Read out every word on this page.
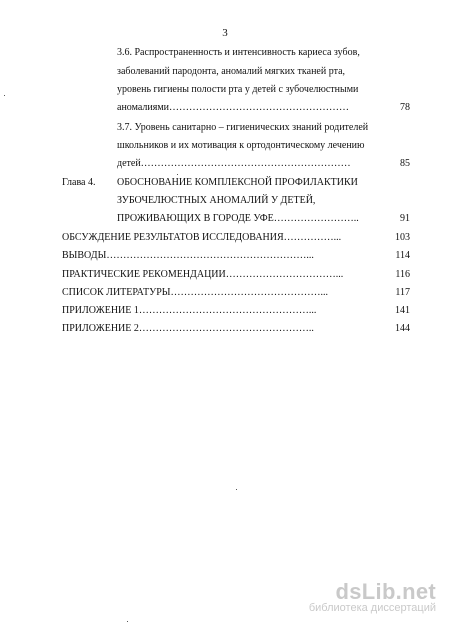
3
3.6. Распространенность и интенсивность кариеса зубов,
заболеваний пародонта, аномалий мягких тканей рта,
уровень гигиены полости рта у детей с зубочелюстными
аномалиями………………………………………………	78
3.7. Уровень санитарно – гигиенических знаний родителей
школьников и их мотивация к ортодонтическому лечению
детей………………………………………………………	85
Глава 4. ОБОСНОВАНИЕ КОМПЛЕКСНОЙ ПРОФИЛАКТИКИ
ЗУБОЧЕЛЮСТНЫХ АНОМАЛИЙ У ДЕТЕЙ,
ПРОЖИВАЮЩИХ В ГОРОДЕ УФЕ……………………..	91
ОБСУЖДЕНИЕ РЕЗУЛЬТАТОВ ИССЛЕДОВАНИЯ……………...	103
ВЫВОДЫ……………………………………………………...	114
ПРАКТИЧЕСКИЕ РЕКОМЕНДАЦИИ……………………………...	116
СПИСОК ЛИТЕРАТУРЫ………………………………………...	117
ПРИЛОЖЕНИЕ 1……………………………………………...	141
ПРИЛОЖЕНИЕ 2……………………………………………..	144
dsLib.net
библиотека диссертаций
